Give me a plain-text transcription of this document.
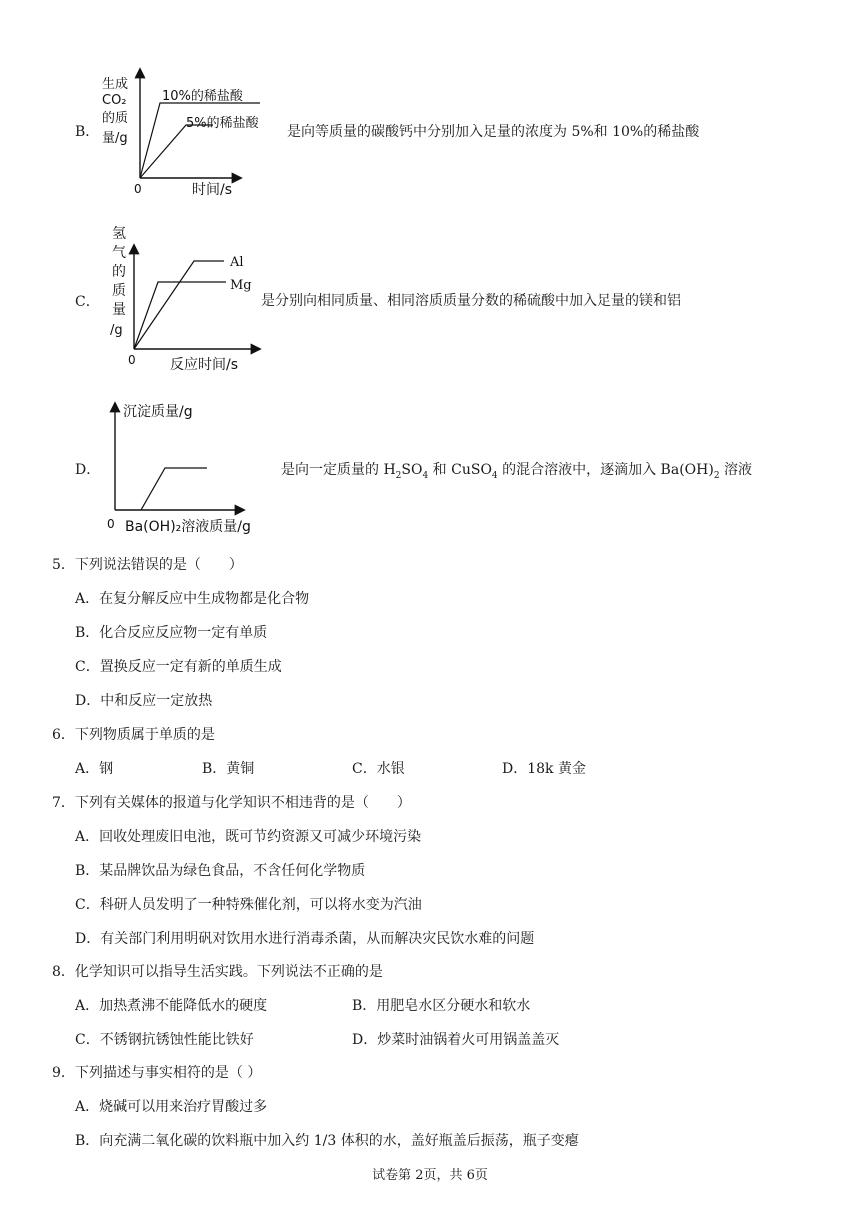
B．
生成
CO₂
的质
量/g
10%的稀盐酸
5%的稀盐酸
0	时间/s
是向等质量的碳酸钙中分别加入足量的浓度为 5%和 10%的稀盐酸
C．
氢
气
的
质
量
/g
Al
Mg
0 反应时间/s
是分别向相同质量、相同溶质质量分数的稀硫酸中加入足量的镁和铝
D．
沉淀质量/g
0 Ba(OH)₂溶液质量/g
是向一定质量的 $H_2SO_4$ 和 CuSO$_4$ 的混合溶液中，逐滴加入 $Ba(OH)_2$ 溶液
5．下列说法错误的是（　　）
A．在复分解反应中生成物都是化合物
B．化合反应反应物一定有单质
C．置换反应一定有新的单质生成
D．中和反应一定放热
6．下列物质属于单质的是
A．钢	B．黄铜	C．水银	D．18k 黄金
7．下列有关媒体的报道与化学知识不相违背的是（　　）
A．回收处理废旧电池，既可节约资源又可减少环境污染
B．某品牌饮品为绿色食品，不含任何化学物质
C．科研人员发明了一种特殊催化剂，可以将水变为汽油
D．有关部门利用明矾对饮用水进行消毒杀菌，从而解决灾民饮水难的问题
8．化学知识可以指导生活实践。下列说法不正确的是
A．加热煮沸不能降低水的硬度	B．用肥皂水区分硬水和软水
C．不锈钢抗锈蚀性能比铁好	D．炒菜时油锅着火可用锅盖盖灭
9．下列描述与事实相符的是（ ）
A．烧碱可以用来治疗胃酸过多
B．向充满二氧化碳的饮料瓶中加入约 1/3 体积的水，盖好瓶盖后振荡，瓶子变瘪
试卷第 2页，共 6页
